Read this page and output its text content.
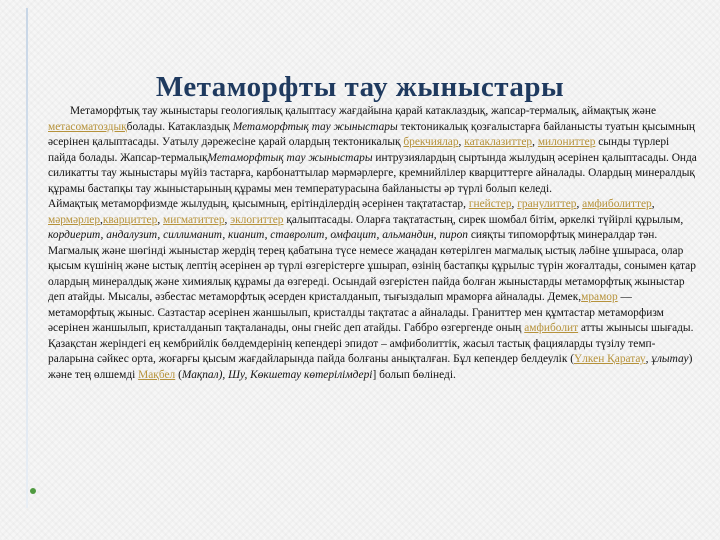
Метаморфты тау жыныстары

Метаморфтық тау жыныстары геологиялық қалыптасу жағдайына қарай катаклаздық, жапсар-термалық, аймақтық және метасоматоздықболады. Катаклаздық Метаморфтық тау жыныстары тектоникалық қозғалыстарға байланысты туатын қысымның әсерінен қалыптасады. Уатылу дәрежесіне қарай олардың тектоникалық брекчиялар, катаклазиттер, милониттер сынды түрлері пайда болады. Жапсар-термалықМетаморфтық тау жыныстары интрузиялардың сыртында жылудың әсерінен қалыптасады. Онда силикатты тау жыныстары мүйіз тастарға, карбонаттылар мәрмәрлерге, кремнийлілер кварциттерге айналады. Олардың минералдық құрамы бастапқы тау жыныстарының құрамы мен температурасына байланысты әр түрлі болып келеді.

Аймақтық метаморфизмде жылудың, қысымның, ерітінділердің әсерінен тақтатастар, гнейстер, гранулиттер, амфиболиттер, мәрмәрлер,кварциттер, мигматиттер, эклогиттер қалыптасады. Оларға тақтатастың, сирек шомбал бітім, әркелкі түйірлі құрылым, кордиерит, андалузит, силлиманит, кианит, ставролит, омфацит, альмандин, пироп сияқты типоморфтық минералдар тән. Магмалық және шөгінді жыныстар жердің терең қабатына түсе немесе жаңадан көтерілген магмалық ыстық ләбіне ұшыраса, олар қысым күшінің және ыстық лептің әсерінен әр түрлі өзгерістерге ұшырап, өзінің бастапқы құрылыс түрін жоғалтады, сонымен қатар олардың минералдық және химиялық құрамы да өзгереді. Осындай өзгерістен пайда болған жыныстарды метаморфтық жыныстар деп атайды. Мысалы, әзбестас метаморфтық әсерден кристалданып, тығыздалып мраморға айналады. Демек,мрамор — метаморфтық жыныс. Сазтастар әсерінен жаншылып, кристалды тақтатас а айналады. Граниттер мен құмтастар метаморфизм әсерінен жаншылып, кристалданып тақталанады, оны гнейс деп атайды. Габбро өзгергенде оның амфиболит атты жынысы шығады. Қазақстан жеріндегі ең кембрийлік бөлдемдерінің кепендері эпидот – амфиболиттік, жасыл тастық фацияларды түзілу темп-раларына сәйкес орта, жоғарғы қысым жағдайларында пайда болғаны анықталған. Бұл кепендер белдеулік (Үлкен Қаратау, ұлытау) және тең өлшемді Мақбел (Мақпал), Шу, Көкшетау көтерілімдері] болып бөлінеді.
